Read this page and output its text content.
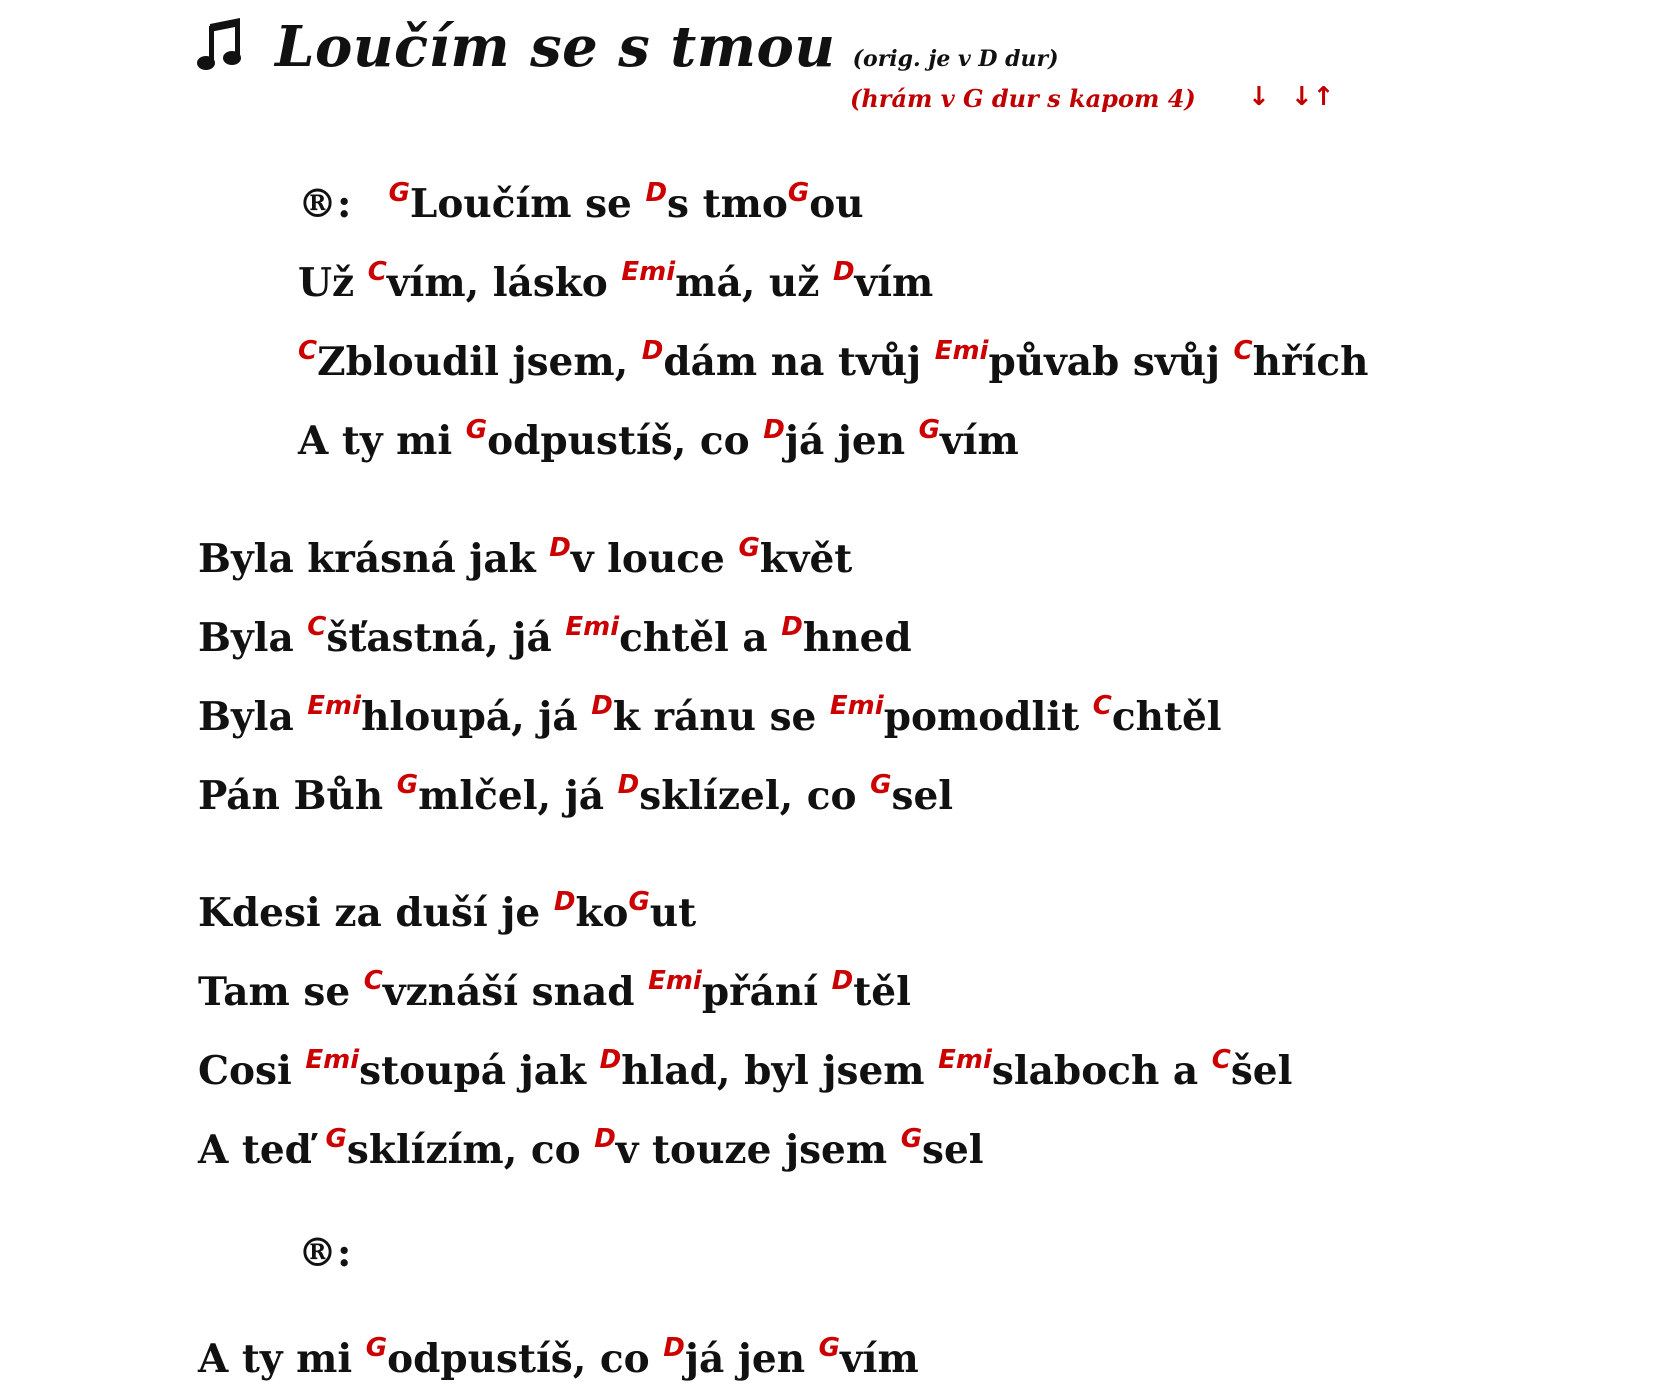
Loučím se s tmou (orig. je v D dur)
(hrám v G dur s kapom 4) ↓ ↓↑
®: $^G$Loučím se $^D$s tmo$^G$ou
Už $^C$vím, lásko $^{Emi}$má, už $^D$vím
$^C$Zbloudil jsem, $^D$dám na tvůj $^{Emi}$půvab svůj $^C$hřích
A ty mi $^G$odpustíš, co $^D$já jen $^G$vím
Byla krásná jak $^D$v louce $^G$květ
Byla $^C$šťastná, já $^{Emi}$chtěl a $^D$hned
Byla $^{Emi}$hloupá, já $^D$k ránu se $^{Emi}$pomodlit $^C$chtěl
Pán Bůh $^G$mlčel, já $^D$sklízel, co $^G$sel
Kdesi za duší je $^Dko^Gut$
Tam se $^C$vznáší snad $^{Emi}$přání $^D$těl
Cosi $^{Emi}$stoupá jak $^D$hlad, byl jsem $^{Emi}$slaboch a $^C$šel
A teď $^G$sklízím, co $^D$v touze jsem $^G$sel
®:
A ty mi $^G$odpustíš, co $^D$já jen $^G$vím
